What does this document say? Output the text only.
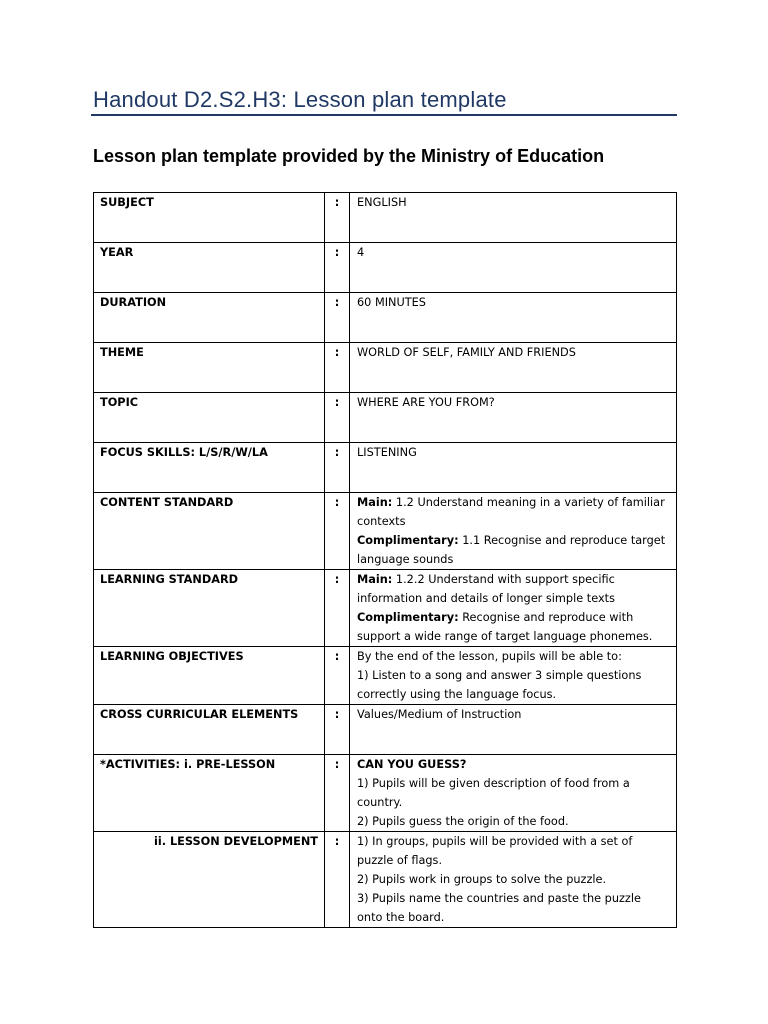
Handout D2.S2.H3: Lesson plan template
Lesson plan template provided by the Ministry of Education
SUBJECT	:	ENGLISH
YEAR	:	4
DURATION	:	60 MINUTES
THEME	:	WORLD OF SELF, FAMILY AND FRIENDS
TOPIC	:	WHERE ARE YOU FROM?
FOCUS SKILLS: L/S/R/W/LA	:	LISTENING
CONTENT STANDARD	:	Main: 1.2 Understand meaning in a variety of familiar
contexts
Complimentary: 1.1 Recognise and reproduce target
language sounds

LEARNING STANDARD	:	Main: 1.2.2 Understand with support specific
information and details of longer simple texts
Complimentary: Recognise and reproduce with
support a wide range of target language phonemes.

LEARNING OBJECTIVES	:	By the end of the lesson, pupils will be able to:
1) Listen to a song and answer 3 simple questions
correctly using the language focus.

CROSS CURRICULAR ELEMENTS	:	Values/Medium of Instruction
*ACTIVITIES: i. PRE-LESSON	:	CAN YOU GUESS?
1) Pupils will be given description of food from a
country.
2) Pupils guess the origin of the food.

ii. LESSON DEVELOPMENT	:	1) In groups, pupils will be provided with a set of
puzzle of flags.
2) Pupils work in groups to solve the puzzle.
3) Pupils name the countries and paste the puzzle
onto the board.
